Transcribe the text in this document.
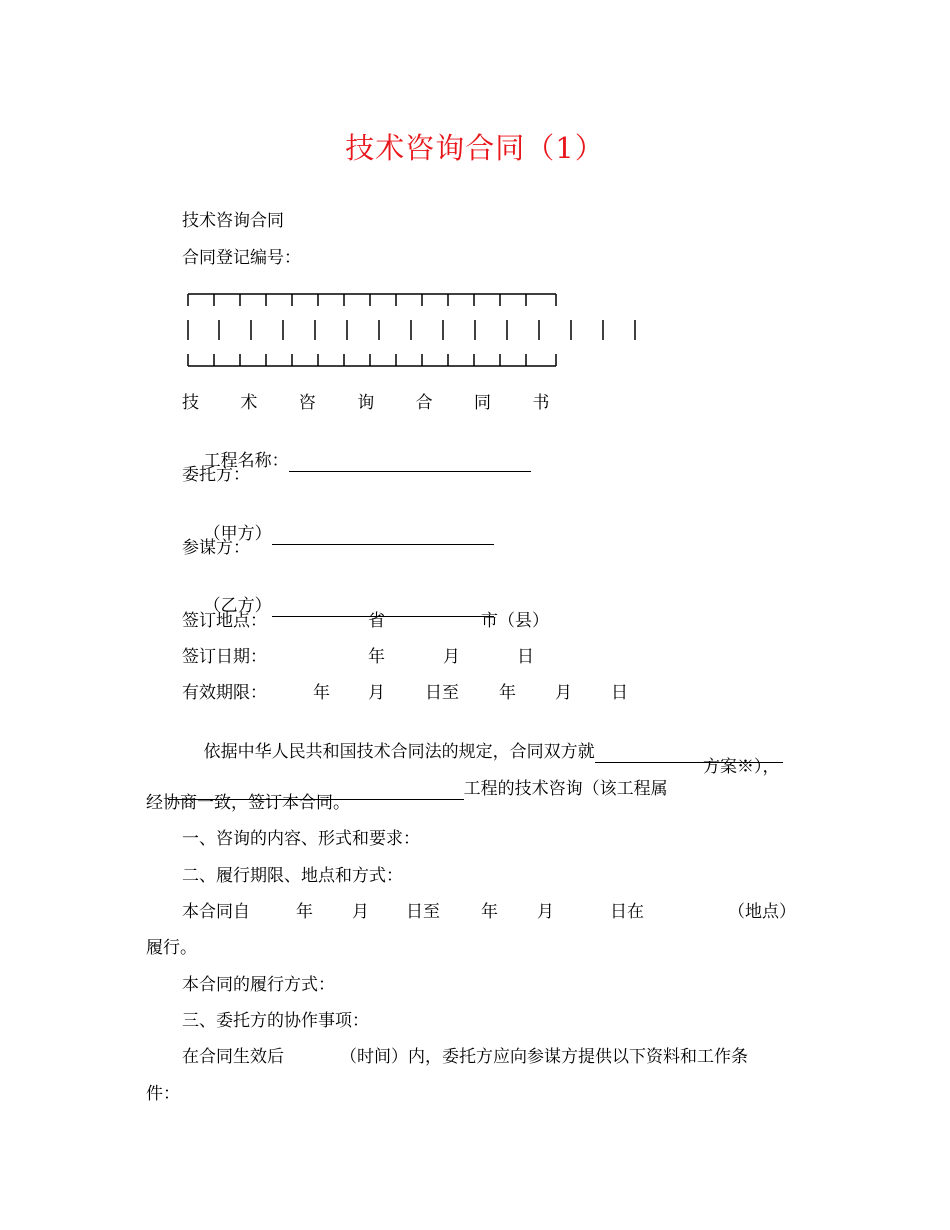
技术咨询合同（1）
技术咨询合同
合同登记编号：
技 术 咨 询 合 同 书

工程名称：

委托方：

（甲方）

参谋方：

（乙方）

签订地点：	省	市（县）
签订日期：	年	月	日
有效期限：	年 月 日至 年 月 日

依据中华人民共和国技术合同法的规定，合同双方就

工程的技术咨询（该工程属

方案※），
经协商一致，签订本合同。
一、咨询的内容、形式和要求：
二、履行期限、地点和方式：
本合同自	年 月 日至 年 月	日在	（地点）
履行。
本合同的履行方式：
三、委托方的协作事项：
在合同生效后	（时间）内，委托方应向参谋方提供以下资料和工作条
件：
